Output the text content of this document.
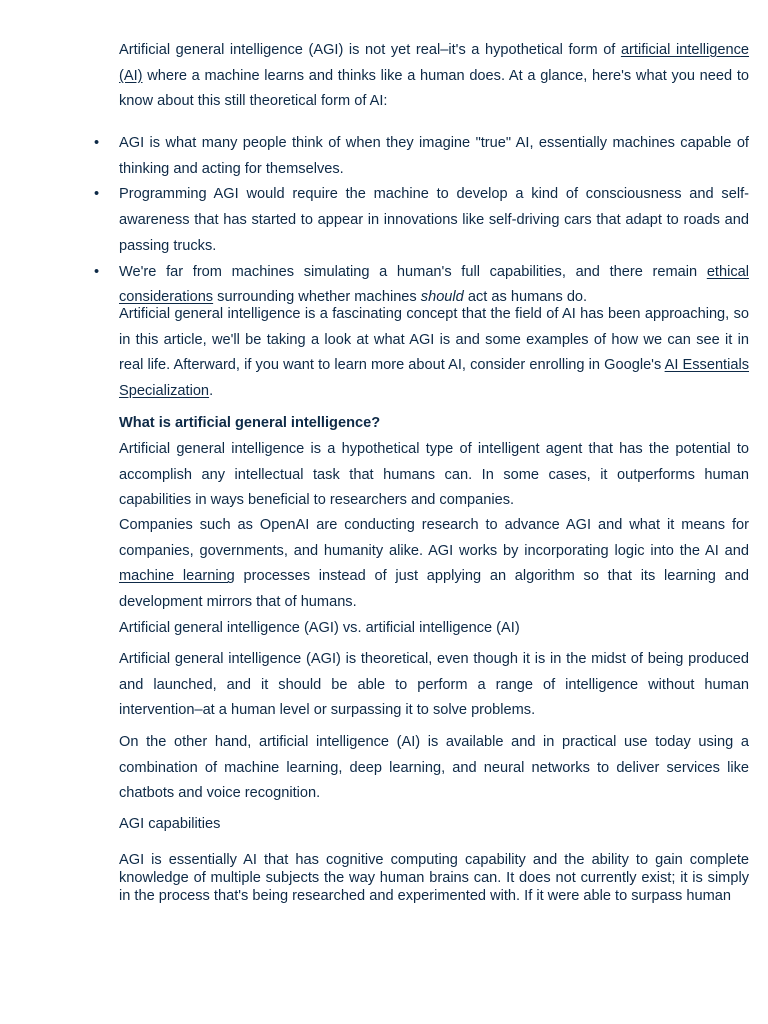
Artificial general intelligence (AGI) is not yet real–it's a hypothetical form of artificial intelligence (AI) where a machine learns and thinks like a human does. At a glance, here's what you need to know about this still theoretical form of AI:

• AGI is what many people think of when they imagine "true" AI, essentially machines capable of thinking and acting for themselves.
• Programming AGI would require the machine to develop a kind of consciousness and self-awareness that has started to appear in innovations like self-driving cars that adapt to roads and passing trucks.
• We're far from machines simulating a human's full capabilities, and there remain ethical considerations surrounding whether machines should act as humans do.

Artificial general intelligence is a fascinating concept that the field of AI has been approaching, so in this article, we'll be taking a look at what AGI is and some examples of how we can see it in real life. Afterward, if you want to learn more about AI, consider enrolling in Google's AI Essentials Specialization.

What is artificial general intelligence?

Artificial general intelligence is a hypothetical type of intelligent agent that has the potential to accomplish any intellectual task that humans can. In some cases, it outperforms human capabilities in ways beneficial to researchers and companies.

Companies such as OpenAI are conducting research to advance AGI and what it means for companies, governments, and humanity alike. AGI works by incorporating logic into the AI and machine learning processes instead of just applying an algorithm so that its learning and development mirrors that of humans.

Artificial general intelligence (AGI) vs. artificial intelligence (AI)

Artificial general intelligence (AGI) is theoretical, even though it is in the midst of being produced and launched, and it should be able to perform a range of intelligence without human intervention–at a human level or surpassing it to solve problems.

On the other hand, artificial intelligence (AI) is available and in practical use today using a combination of machine learning, deep learning, and neural networks to deliver services like chatbots and voice recognition.

AGI capabilities

AGI is essentially AI that has cognitive computing capability and the ability to gain complete knowledge of multiple subjects the way human brains can. It does not currently exist; it is simply in the process that's being researched and experimented with. If it were able to surpass human
